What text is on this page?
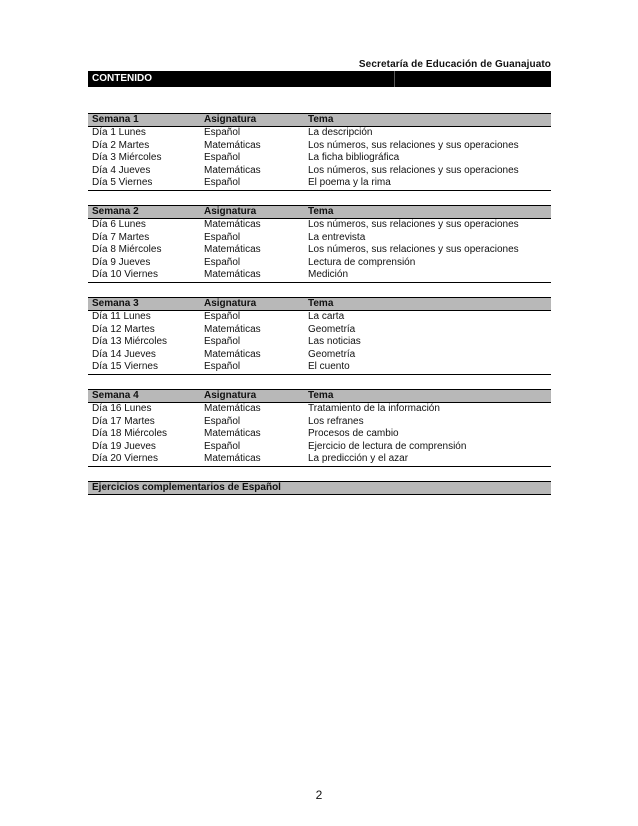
Secretaría de Educación de Guanajuato
CONTENIDO
Semana 1	Asignatura	Tema
Día 1 Lunes	Español	La descripción
Día 2 Martes	Matemáticas	Los números, sus relaciones y sus operaciones
Día 3 Miércoles	Español	La ficha bibliográfica
Día 4 Jueves	Matemáticas	Los números, sus relaciones y sus operaciones
Día 5 Viernes	Español	El poema y la rima
Semana 2	Asignatura	Tema
Día 6 Lunes	Matemáticas	Los números, sus relaciones y sus operaciones
Día 7 Martes	Español	La entrevista
Día 8 Miércoles	Matemáticas	Los números, sus relaciones y sus operaciones
Día 9 Jueves	Español	Lectura de comprensión
Día 10 Viernes	Matemáticas	Medición
Semana 3	Asignatura	Tema
Día 11 Lunes	Español	La carta
Día 12 Martes	Matemáticas	Geometría
Día 13 Miércoles	Español	Las noticias
Día 14 Jueves	Matemáticas	Geometría
Día 15 Viernes	Español	El cuento
Semana 4	Asignatura	Tema
Día 16 Lunes	Matemáticas	Tratamiento de la información
Día 17 Martes	Español	Los refranes
Día 18 Miércoles	Matemáticas	Procesos de cambio
Día 19 Jueves	Español	Ejercicio de lectura de comprensión
Día 20 Viernes	Matemáticas	La predicción y el azar
Ejercicios complementarios de Español
2
